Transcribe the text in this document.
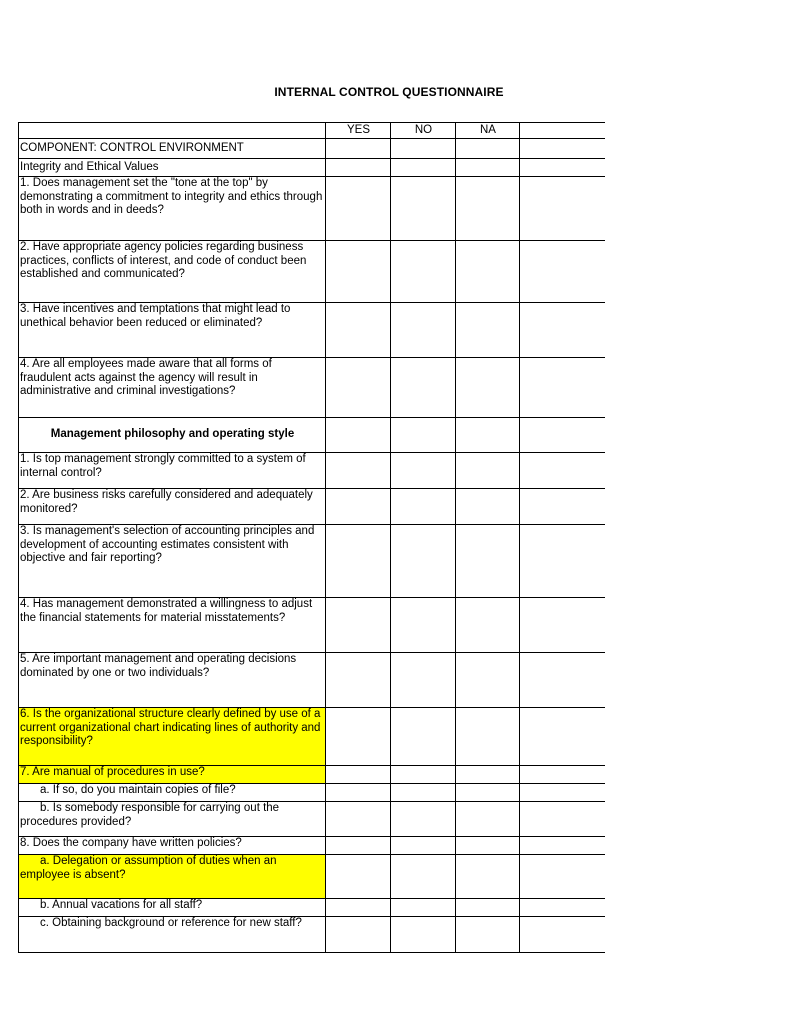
INTERNAL CONTROL QUESTIONNAIRE
	YES	NO	NA	
COMPONENT: CONTROL ENVIRONMENT				
Integrity and Ethical Values				
1. Does management set the "tone at the top" by demonstrating a commitment to integrity and ethics through both in words and in deeds?				
2. Have appropriate agency policies regarding business practices, conflicts of interest, and code of conduct been established and communicated?				
3. Have incentives and temptations that might lead to unethical behavior been reduced or eliminated?				
4. Are all employees made aware that all forms of fraudulent acts against the agency will result in administrative and criminal investigations?				
Management philosophy and operating style				
1. Is top management strongly committed to a system of internal control?				
2. Are business risks carefully considered and adequately monitored?				
3. Is management's selection of accounting principles and development of accounting estimates consistent with objective and fair reporting?				
4. Has management demonstrated a willingness to adjust the financial statements for material misstatements?				
5. Are important management and operating decisions dominated by one or two individuals?				
6. Is the organizational structure clearly defined by use of a current organizational chart indicating lines of authority and responsibility?				
7. Are manual of procedures in use?				
a. If so, do you maintain copies of file?				
b. Is somebody responsible for carrying out the procedures provided?				
8. Does the company have written policies?				
a. Delegation or assumption of duties when an employee is absent?				
b. Annual vacations for all staff?				
c. Obtaining background or reference for new staff?				
